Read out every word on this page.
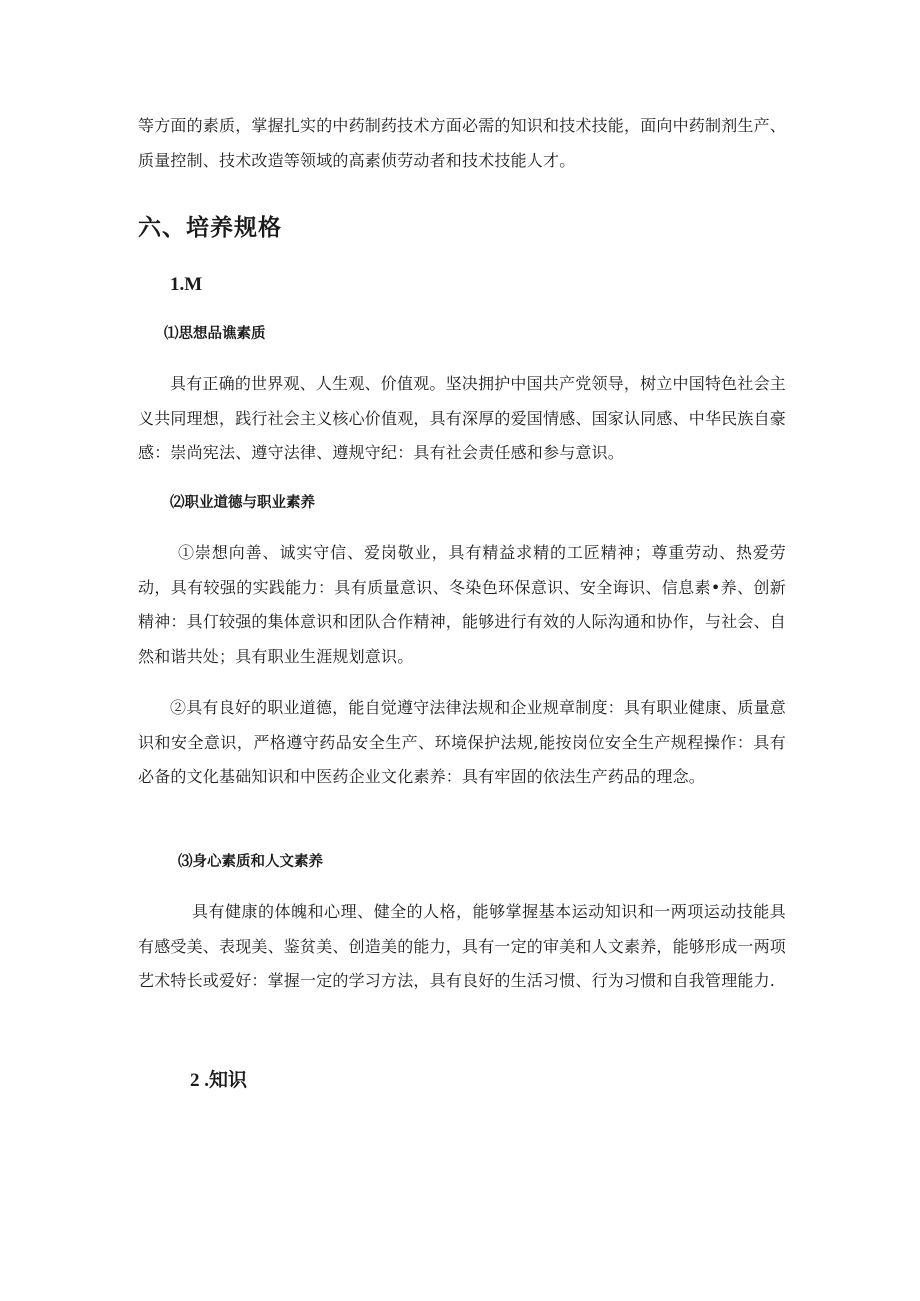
等方面的素质，掌握扎实的中药制药技术方面必需的知识和技术技能，面向中药制剂生产、质量控制、技术改造等领域的高素侦劳动者和技术技能人才。

六、培养规格
1.M
⑴思想品谯素质

具有正确的世界观、人生观、价值观。坚决拥护中国共产党领导，树立中国特色社会主义共同理想，践行社会主义核心价值观，具有深厚的爱国情感、国家认同感、中华民族自豪感：崇尚宪法、遵守法律、遵规守纪：具有社会责任感和参与意识。

⑵职业道德与职业素养

①崇想向善、诚实守信、爱岗敬业，具有精益求精的工匠精神；尊重劳动、热爱劳动，具有较强的实践能力：具有质量意识、冬染色环保意识、安全诲识、信息素•养、创新精神：具仃较强的集体意识和团队合作精神，能够进行有效的人际沟通和协作，与社会、自然和谐共处；具有职业生涯规划意识。

②具有良好的职业道德，能自觉遵守法律法规和企业规章制度：具有职业健康、质量意识和安全意识，严格遵守药品安全生产、环境保护法规,能按岗位安全生产规程操作：具有必备的文化基础知识和中医药企业文化素养：具有牢固的依法生产药品的理念。

⑶身心素质和人文素养

具有健康的体魄和心理、健全的人格，能够掌握基本运动知识和一两项运动技能具有感受美、表现美、鉴贫美、创造美的能力，具有一定的审美和人文素养，能够形成一两项艺术特长或爱好：掌握一定的学习方法，具有良好的生活习惯、行为习惯和自我管理能力.

2 .知识
